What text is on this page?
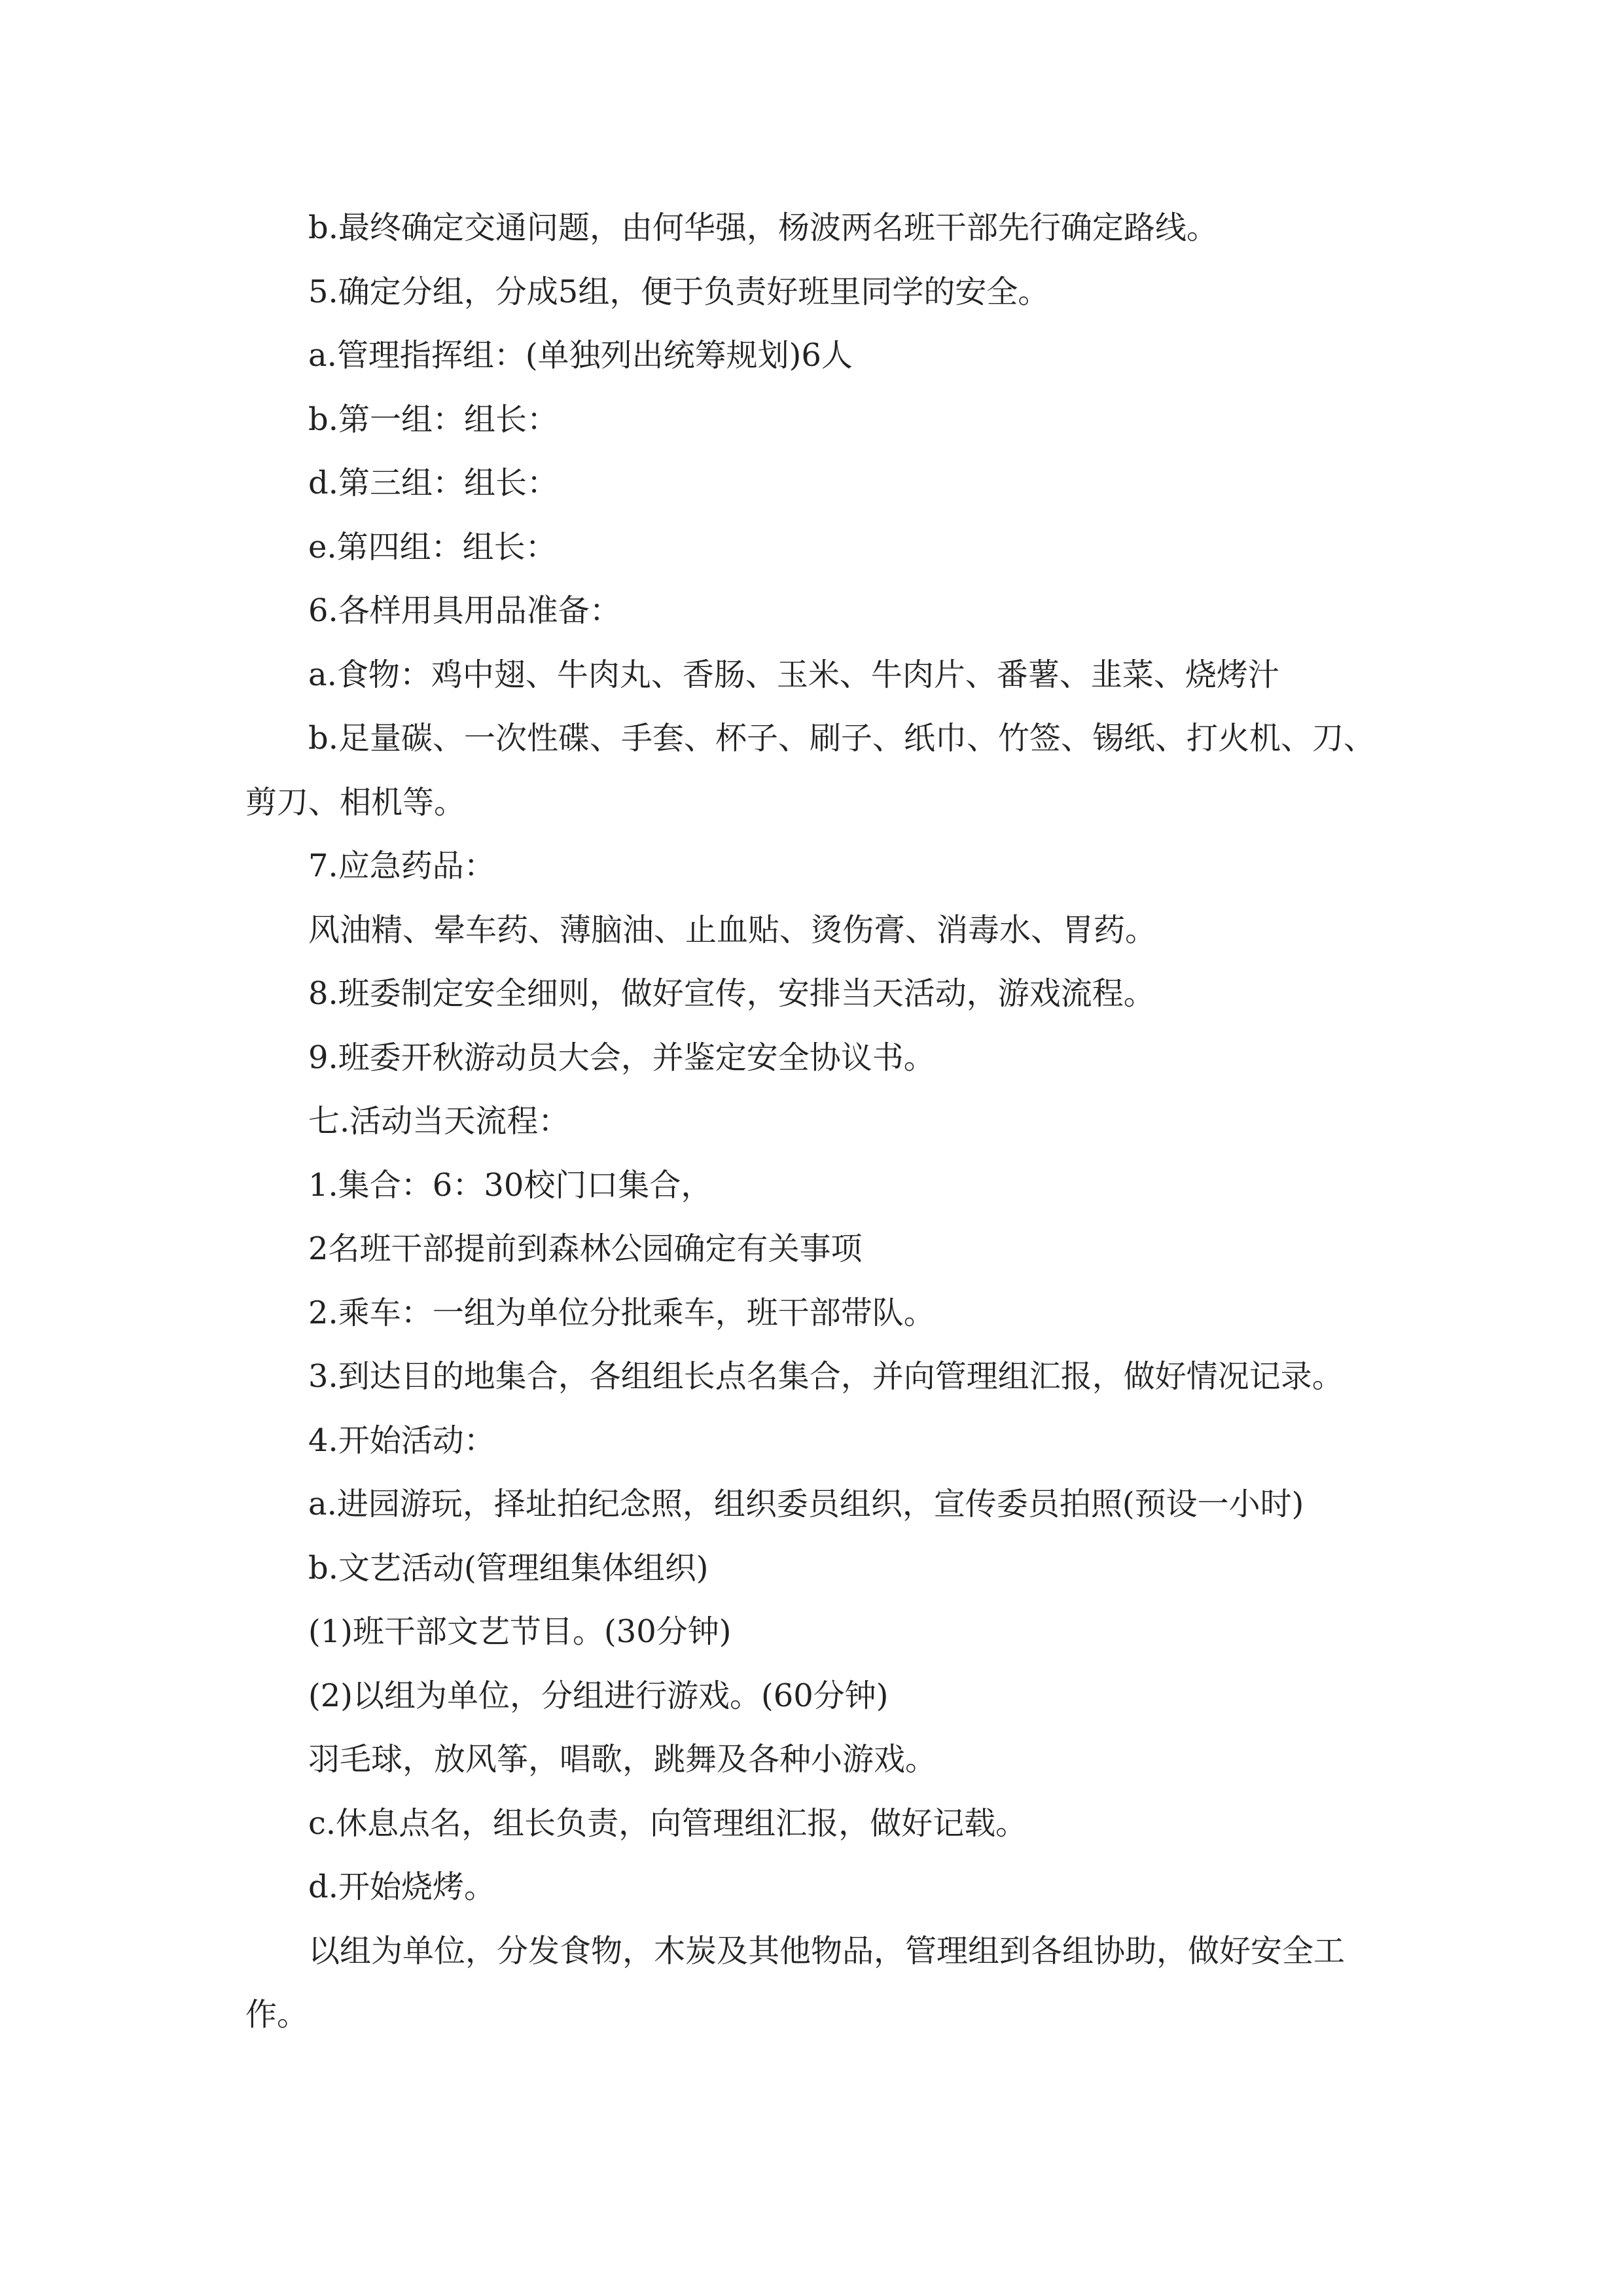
b.最终确定交通问题，由何华强，杨波两名班干部先行确定路线。
5.确定分组，分成5组，便于负责好班里同学的安全。
a.管理指挥组：(单独列出统筹规划)6人
b.第一组：组长：
d.第三组：组长：
e.第四组：组长：
6.各样用具用品准备：
a.食物：鸡中翅、牛肉丸、香肠、玉米、牛肉片、番薯、韭菜、烧烤汁
b.足量碳、一次性碟、手套、杯子、刷子、纸巾、竹签、锡纸、打火机、刀、剪刀、相机等。
7.应急药品：
风油精、晕车药、薄脑油、止血贴、烫伤膏、消毒水、胃药。
8.班委制定安全细则，做好宣传，安排当天活动，游戏流程。
9.班委开秋游动员大会，并鉴定安全协议书。
七.活动当天流程：
1.集合：6：30校门口集合，
2名班干部提前到森林公园确定有关事项
2.乘车：一组为单位分批乘车，班干部带队。
3.到达目的地集合，各组组长点名集合，并向管理组汇报，做好情况记录。
4.开始活动：
a.进园游玩，择址拍纪念照，组织委员组织，宣传委员拍照(预设一小时)
b.文艺活动(管理组集体组织)
(1)班干部文艺节目。(30分钟)
(2)以组为单位，分组进行游戏。(60分钟)
羽毛球，放风筝，唱歌，跳舞及各种小游戏。
c.休息点名，组长负责，向管理组汇报，做好记载。
d.开始烧烤。
以组为单位，分发食物，木炭及其他物品，管理组到各组协助，做好安全工作。
